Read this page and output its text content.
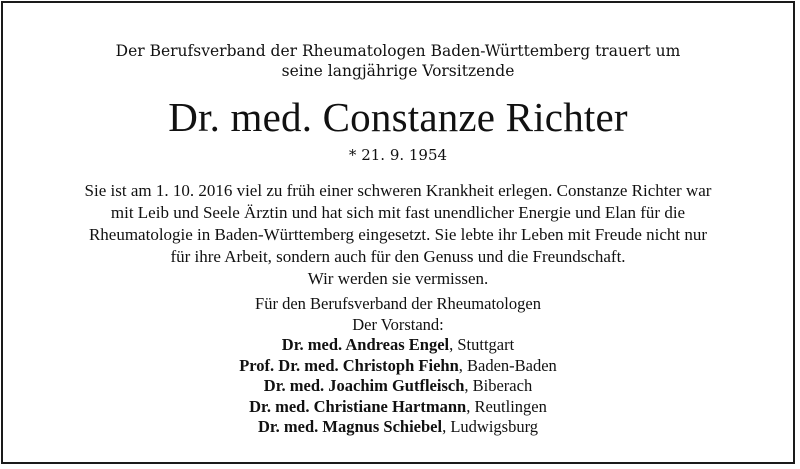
Der Berufsverband der Rheumatologen Baden-Württemberg trauert um
seine langjährige Vorsitzende
Dr. med. Constanze Richter
* 21. 9. 1954
Sie ist am 1. 10. 2016 viel zu früh einer schweren Krankheit erlegen. Constanze Richter war
mit Leib und Seele Ärztin und hat sich mit fast unendlicher Energie und Elan für die
Rheumatologie in Baden-Württemberg eingesetzt. Sie lebte ihr Leben mit Freude nicht nur
für ihre Arbeit, sondern auch für den Genuss und die Freundschaft.
Wir werden sie vermissen.
Für den Berufsverband der Rheumatologen
Der Vorstand:
Dr. med. Andreas Engel, Stuttgart
Prof. Dr. med. Christoph Fiehn, Baden-Baden
Dr. med. Joachim Gutfleisch, Biberach
Dr. med. Christiane Hartmann, Reutlingen
Dr. med. Magnus Schiebel, Ludwigsburg
